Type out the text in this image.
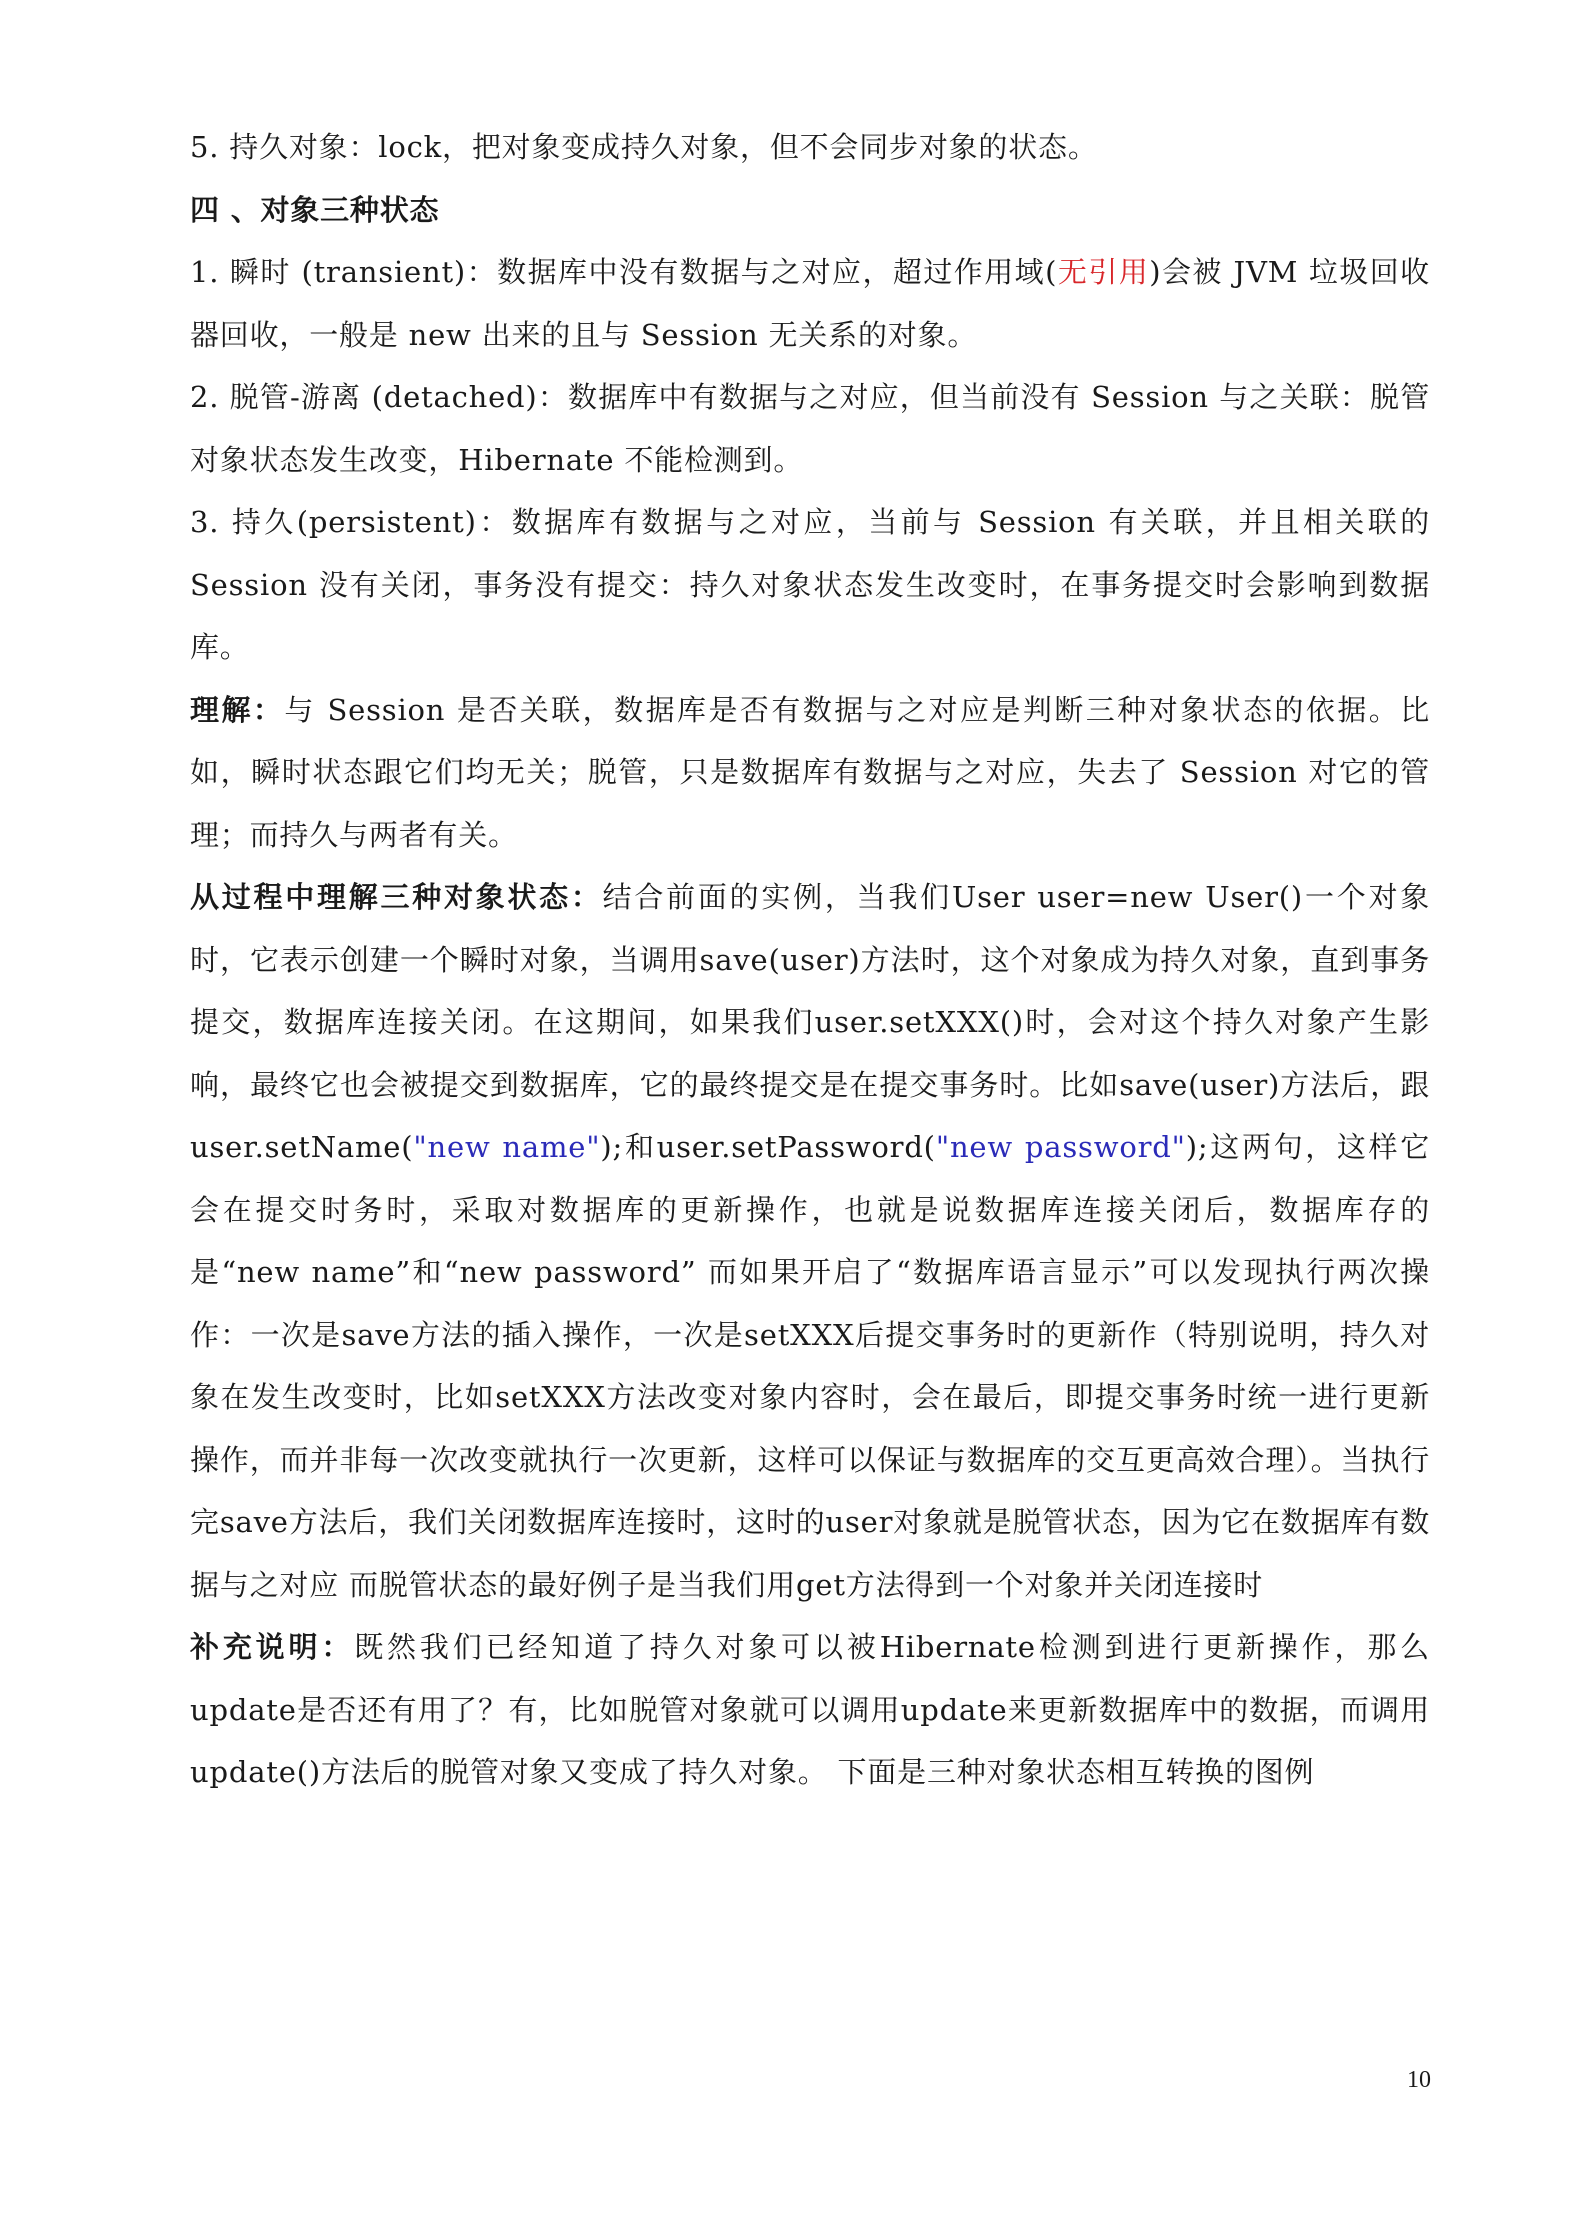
5. 持久对象：lock，把对象变成持久对象，但不会同步对象的状态。

四 、对象三种状态

1. 瞬时 (transient)：数据库中没有数据与之对应，超过作用域(无引用)会被 JVM 垃圾回收器回收，一般是 new 出来的且与 Session 无关系的对象。

2. 脱管-游离 (detached)：数据库中有数据与之对应，但当前没有 Session 与之关联：脱管对象状态发生改变，Hibernate 不能检测到。

3. 持久(persistent)：数据库有数据与之对应，当前与 Session 有关联，并且相关联的 Session 没有关闭，事务没有提交：持久对象状态发生改变时，在事务提交时会影响到数据库。

理解：与 Session 是否关联，数据库是否有数据与之对应是判断三种对象状态的依据。比如，瞬时状态跟它们均无关；脱管，只是数据库有数据与之对应，失去了 Session 对它的管理；而持久与两者有关。

从过程中理解三种对象状态：结合前面的实例，当我们User user=new User()一个对象时，它表示创建一个瞬时对象，当调用save(user)方法时，这个对象成为持久对象，直到事务提交，数据库连接关闭。在这期间，如果我们user.setXXX()时，会对这个持久对象产生影响，最终它也会被提交到数据库，它的最终提交是在提交事务时。比如save(user)方法后，跟user.setName("new name");和user.setPassword("new password");这两句，这样它会在提交时务时，采取对数据库的更新操作，也就是说数据库连接关闭后，数据库存的是“new name”和“new password” 而如果开启了“数据库语言显示”可以发现执行两次操作：一次是save方法的插入操作，一次是setXXX后提交事务时的更新作（特别说明，持久对象在发生改变时，比如setXXX方法改变对象内容时，会在最后，即提交事务时统一进行更新操作，而并非每一次改变就执行一次更新，这样可以保证与数据库的交互更高效合理）。当执行完save方法后，我们关闭数据库连接时，这时的user对象就是脱管状态，因为它在数据库有数据与之对应 而脱管状态的最好例子是当我们用get方法得到一个对象并关闭连接时

补充说明：既然我们已经知道了持久对象可以被Hibernate检测到进行更新操作，那么update是否还有用了？有，比如脱管对象就可以调用update来更新数据库中的数据，而调用update()方法后的脱管对象又变成了持久对象。 下面是三种对象状态相互转换的图例

10
